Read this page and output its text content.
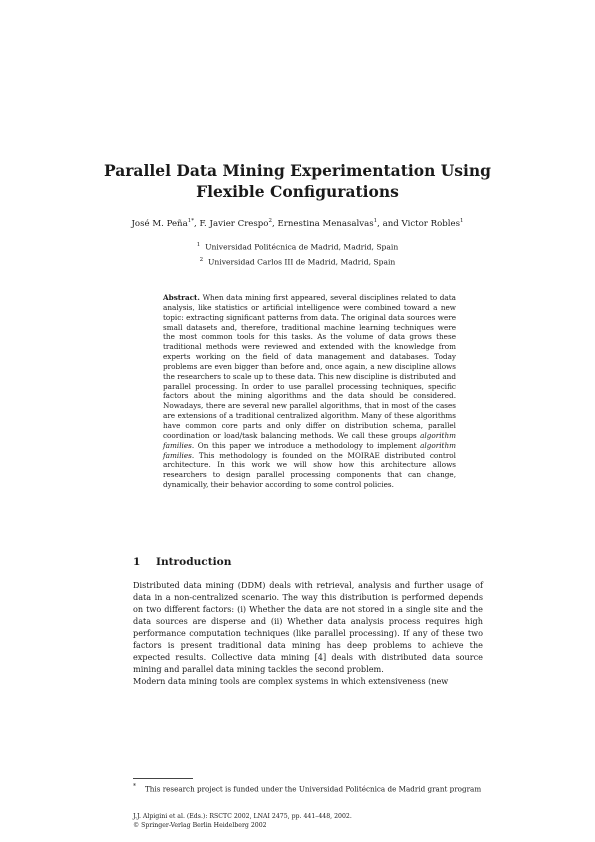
Parallel Data Mining Experimentation Using
Flexible Configurations
José M. Peña$^{1*}$, F. Javier Crespo$^2$, Ernestina Menasalvas$^1$, and Victor Robles$^1$
$^1$ Universidad Politécnica de Madrid, Madrid, Spain
$^2$ Universidad Carlos III de Madrid, Madrid, Spain
Abstract. When data mining first appeared, several disciplines related to data analysis, like statistics or artificial intelligence were combined toward a new topic: extracting significant patterns from data. The original data sources were small datasets and, therefore, traditional machine learning techniques were the most common tools for this tasks. As the volume of data grows these traditional methods were reviewed and extended with the knowledge from experts working on the field of data management and databases. Today problems are even bigger than before and, once again, a new discipline allows the researchers to scale up to these data. This new discipline is distributed and parallel processing. In order to use parallel processing techniques, specific factors about the mining algorithms and the data should be considered. Nowadays, there are several new parallel algorithms, that in most of the cases are extensions of a traditional centralized algorithm. Many of these algorithms have common core parts and only differ on distribution schema, parallel coordination or load/task balancing methods. We call these groups algorithm families. On this paper we introduce a methodology to implement algorithm families. This methodology is founded on the MOIRAE distributed control architecture. In this work we will show how this architecture allows researchers to design parallel processing components that can change, dynamically, their behavior according to some control policies.
1 Introduction

Distributed data mining (DDM) deals with retrieval, analysis and further usage of data in a non-centralized scenario. The way this distribution is performed depends on two different factors: (i) Whether the data are not stored in a single site and the data sources are disperse and (ii) Whether data analysis process requires high performance computation techniques (like parallel processing). If any of these two factors is present traditional data mining has deep problems to achieve the expected results. Collective data mining [4] deals with distributed data source mining and parallel data mining tackles the second problem.

Modern data mining tools are complex systems in which extensiveness (new

* This research project is funded under the Universidad Politécnica de Madrid grant program
J.J. Alpigini et al. (Eds.): RSCTC 2002, LNAI 2475, pp. 441–448, 2002.
© Springer-Verlag Berlin Heidelberg 2002
